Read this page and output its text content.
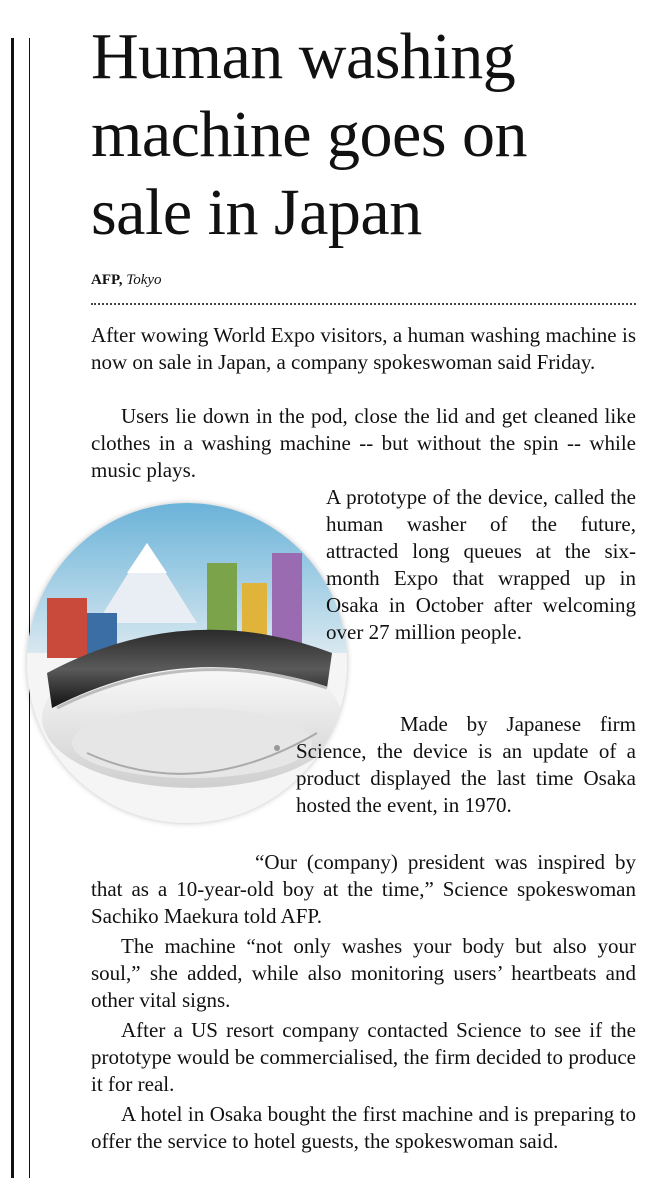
Human washing machine goes on sale in Japan
AFP, Tokyo

After wowing World Expo visitors, a human washing machine is now on sale in Japan, a company spokeswoman said Friday.

Users lie down in the pod, close the lid and get cleaned like clothes in a washing machine -- but without the spin -- while music plays.

A prototype of the device, called the human washer of the future, attracted long queues at the six-month Expo that wrapped up in Osaka in October after welcoming over 27 million people.

Made by Japanese firm Science, the device is an update of a product displayed the last time Osaka hosted the event, in 1970.

“Our (company) president was inspired by that as a 10-year-old boy at the time,” Science spokeswoman Sachiko Maekura told AFP.

The machine “not only washes your body but also your soul,” she added, while also monitoring users’ heartbeats and other vital signs.

After a US resort company contacted Science to see if the prototype would be commercialised, the firm decided to produce it for real.

A hotel in Osaka bought the first machine and is preparing to offer the service to hotel guests, the spokeswoman said.
